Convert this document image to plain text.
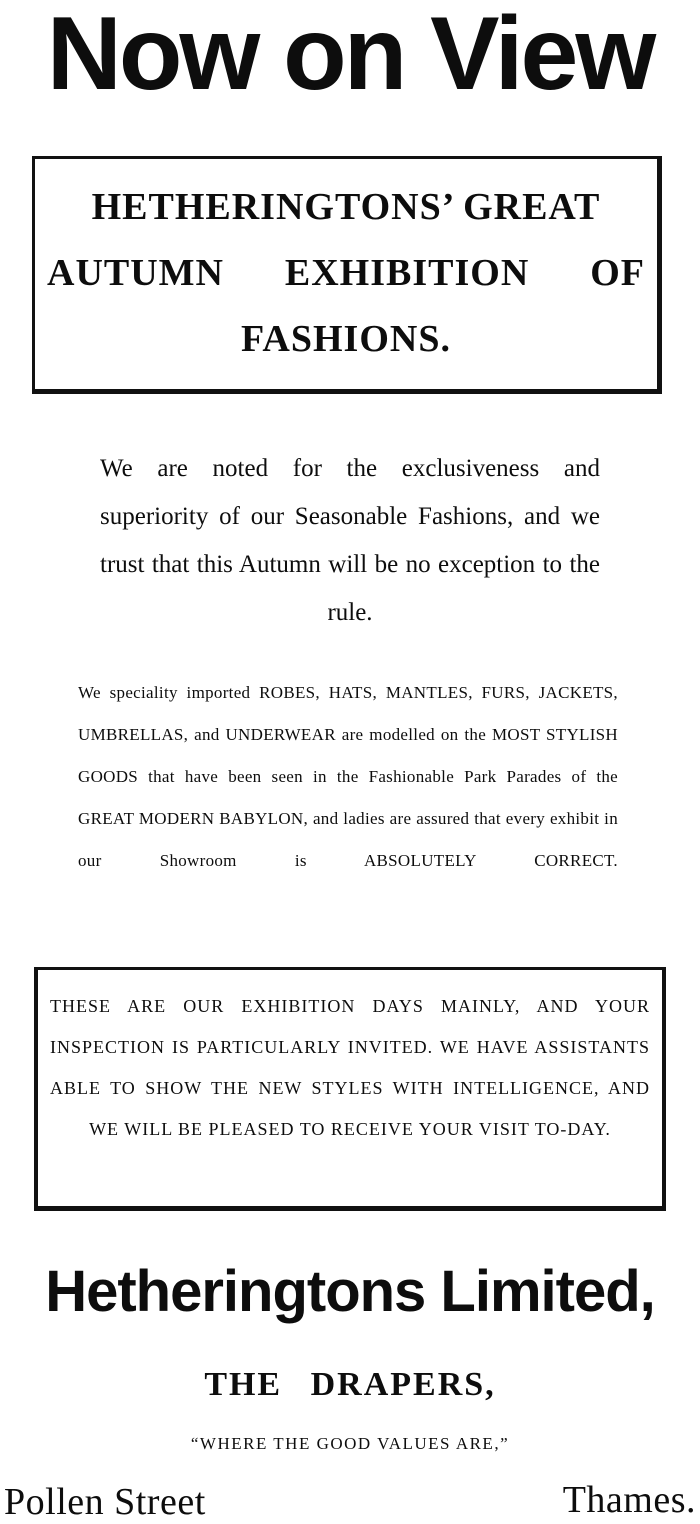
Now on View
HETHERINGTONS’ GREAT
AUTUMN EXHIBITION OF
FASHIONS.
We are noted for the exclusiveness and superiority of our Seasonable Fashions, and we trust that this Autumn will be no exception to the rule.
We speciality imported ROBES, HATS, MANTLES, FURS, JACKETS, UMBRELLAS, and UNDERWEAR are modelled on the MOST STYLISH GOODS that have been seen in the Fashionable Park Parades of the GREAT MODERN BABYLON, and ladies are assured that every exhibit in our Showroom is ABSOLUTELY CORRECT.
THESE ARE OUR EXHIBITION DAYS MAINLY, AND YOUR INSPECTION IS PARTICULARLY INVITED. WE HAVE ASSISTANTS ABLE TO SHOW THE NEW STYLES WITH INTELLIGENCE, AND WE WILL BE PLEASED TO RECEIVE YOUR VISIT TO-DAY.
Hetheringtons Limited,
THE DRAPERS,
“WHERE THE GOOD VALUES ARE,”
Pollen Street	Thames.
